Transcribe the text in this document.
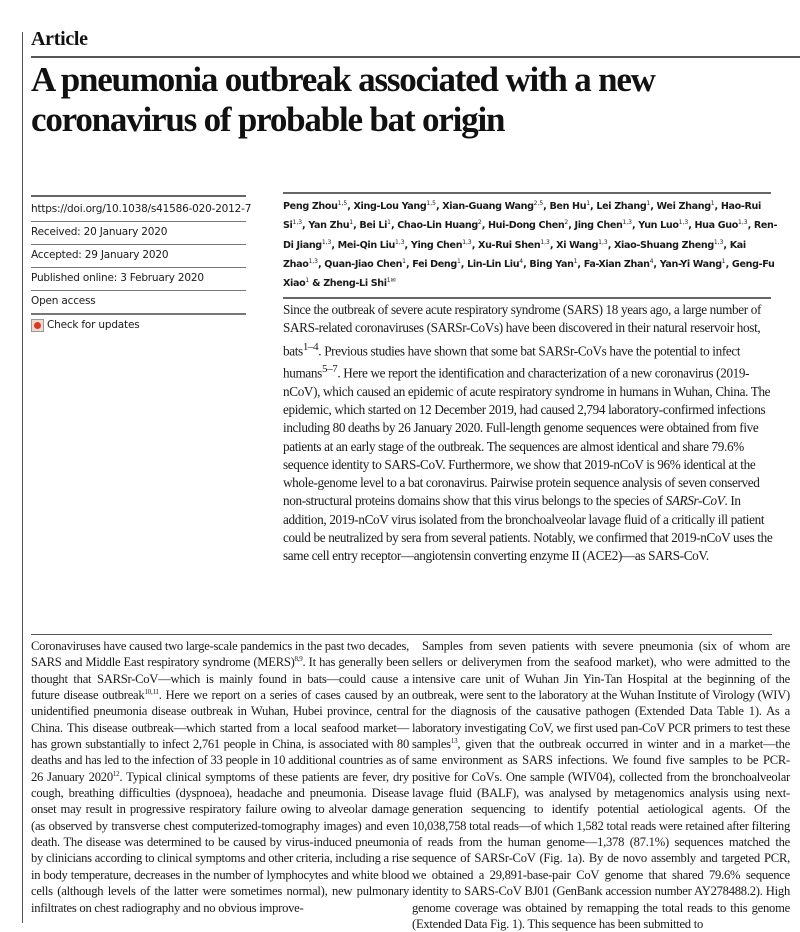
Article
A pneumonia outbreak associated with a new coronavirus of probable bat origin
https://doi.org/10.1038/s41586-020-2012-7
Received: 20 January 2020
Accepted: 29 January 2020
Published online: 3 February 2020
Open access
Check for updates
Peng Zhou$^{1,5}$, Xing-Lou Yang$^{1,5}$, Xian-Guang Wang$^{2,5}$, Ben Hu$^1$, Lei Zhang$^1$, Wei Zhang$^1$, Hao-Rui Si$^{1,3}$, Yan Zhu$^1$, Bei Li$^1$, Chao-Lin Huang$^2$, Hui-Dong Chen$^2$, Jing Chen$^{1,3}$, Yun Luo$^{1,3}$, Hua Guo$^{1,3}$, Ren-Di Jiang$^{1,3}$, Mei-Qin Liu$^{1,3}$, Ying Chen$^{1,3}$, Xu-Rui Shen$^{1,3}$, Xi Wang$^{1,3}$, Xiao-Shuang Zheng$^{1,3}$, Kai Zhao$^{1,3}$, Quan-Jiao Chen$^1$, Fei Deng$^1$, Lin-Lin Liu$^4$, Bing Yan$^1$, Fa-Xian Zhan$^4$, Yan-Yi Wang$^1$, Geng-Fu Xiao$^1$ & Zheng-Li Shi$^{1✉}$

Since the outbreak of severe acute respiratory syndrome (SARS) 18 years ago, a large number of SARS-related coronaviruses (SARSr-CoVs) have been discovered in their natural reservoir host, bats$^{1-4}$. Previous studies have shown that some bat SARSr-CoVs have the potential to infect humans$^{5-7}$. Here we report the identification and characterization of a new coronavirus (2019-nCoV), which caused an epidemic of acute respiratory syndrome in humans in Wuhan, China. The epidemic, which started on 12 December 2019, had caused 2,794 laboratory-confirmed infections including 80 deaths by 26 January 2020. Full-length genome sequences were obtained from five patients at an early stage of the outbreak. The sequences are almost identical and share 79.6% sequence identity to SARS-CoV. Furthermore, we show that 2019-nCoV is 96% identical at the whole-genome level to a bat coronavirus. Pairwise protein sequence analysis of seven conserved non-structural proteins domains show that this virus belongs to the species of SARSr-CoV. In addition, 2019-nCoV virus isolated from the bronchoalveolar lavage fluid of a critically ill patient could be neutralized by sera from several patients. Notably, we confirmed that 2019-nCoV uses the same cell entry receptor—angiotensin converting enzyme II (ACE2)—as SARS-CoV.

Coronaviruses have caused two large-scale pandemics in the past two decades, SARS and Middle East respiratory syndrome (MERS)$^{8,9}$. It has generally been thought that SARSr-CoV—which is mainly found in bats—could cause a future disease outbreak$^{10,11}$. Here we report on a series of cases caused by an unidentified pneumonia disease outbreak in Wuhan, Hubei province, central China. This disease outbreak—which started from a local seafood market—has grown substantially to infect 2,761 people in China, is associated with 80 deaths and has led to the infection of 33 people in 10 additional countries as of 26 January 2020$^{12}$. Typical clinical symptoms of these patients are fever, dry cough, breathing difficulties (dyspnoea), headache and pneumonia. Disease onset may result in progressive respiratory failure owing to alveolar damage (as observed by transverse chest computerized-tomography images) and even death. The disease was determined to be caused by virus-induced pneumonia by clinicians according to clinical symptoms and other criteria, including a rise in body temperature, decreases in the number of lymphocytes and white blood cells (although levels of the latter were sometimes normal), new pulmonary infiltrates on chest radiography and no obvious improve-

Samples from seven patients with severe pneumonia (six of whom are sellers or deliverymen from the seafood market), who were admitted to the intensive care unit of Wuhan Jin Yin-Tan Hospital at the beginning of the outbreak, were sent to the laboratory at the Wuhan Institute of Virology (WIV) for the diagnosis of the causative pathogen (Extended Data Table 1). As a laboratory investigating CoV, we first used pan-CoV PCR primers to test these samples$^{13}$, given that the outbreak occurred in winter and in a market—the same environment as SARS infections. We found five samples to be PCR-positive for CoVs. One sample (WIV04), collected from the bronchoalveolar lavage fluid (BALF), was analysed by metagenomics analysis using next-generation sequencing to identify potential aetiological agents. Of the 10,038,758 total reads—of which 1,582 total reads were retained after filtering of reads from the human genome—1,378 (87.1%) sequences matched the sequence of SARSr-CoV (Fig. 1a). By de novo assembly and targeted PCR, we obtained a 29,891-base-pair CoV genome that shared 79.6% sequence identity to SARS-CoV BJ01 (GenBank accession number AY278488.2). High genome coverage was obtained by remapping the total reads to this genome (Extended Data Fig. 1). This sequence has been submitted to
